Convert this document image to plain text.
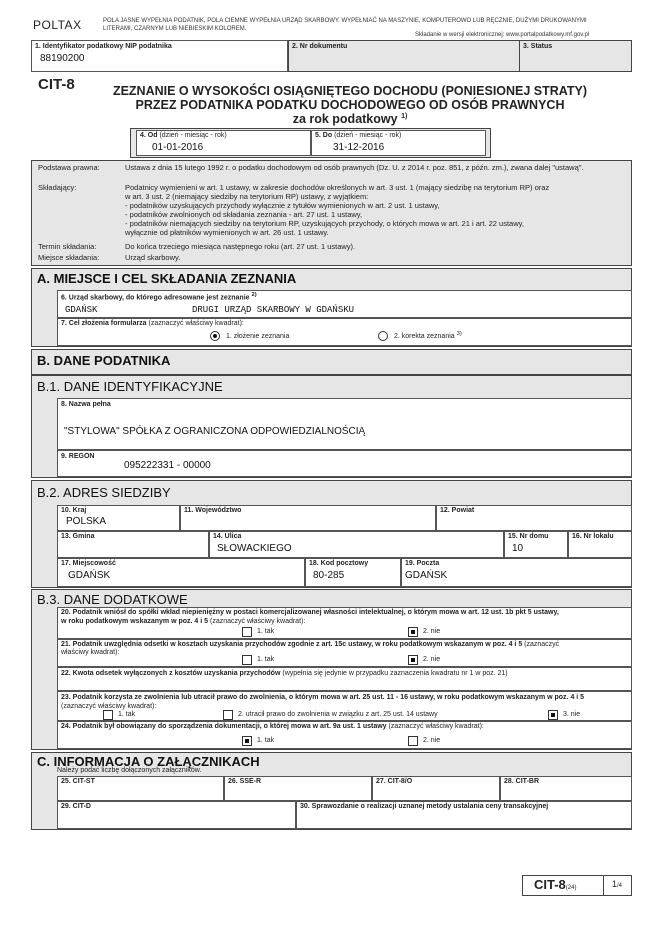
POLTAX	POLA JASNE WYPEŁNIA PODATNIK, POLA CIEMNE WYPEŁNIA URZĄD SKARBOWY. WYPEŁNIAĆ NA MASZYNIE, KOMPUTEROWO LUB RĘCZNIE, DUŻYMI DRUKOWANYMI LITERAMI, CZARNYM LUB NIEBIESKIM KOLOREM.
Składanie w wersji elektronicznej: www.portalpodatkowy.mf.gov.pl
1. Identyfikator podatkowy NIP podatnika
88190200
2. Nr dokumentu	3. Status
CIT-8	ZEZNANIE O WYSOKOŚCI OSIĄGNIĘTEGO DOCHODU (PONIESIONEJ STRATY)
PRZEZ PODATNIKA PODATKU DOCHODOWEGO OD OSÓB PRAWNYCH
za rok podatkowy $^{1)}$
4. Od (dzień - miesiąc - rok)
01-01-2016
5. Do (dzień - miesiąc - rok)
31-12-2016
Podstawa prawna:	Ustawa z dnia 15 lutego 1992 r. o podatku dochodowym od osób prawnych (Dz. U. z 2014 r. poz. 851, z późn. zm.), zwana dalej "ustawą".
Składający:	Podatnicy wymienieni w art. 1 ustawy, w zakresie dochodów określonych w art. 3 ust. 1 (mający siedzibę na terytorium RP) oraz
w art. 3 ust. 2 (niemający siedziby na terytorium RP) ustawy, z wyjątkiem:
- podatników uzyskujących przychody wyłącznie z tytułów wymienionych w art. 2 ust. 1 ustawy,
- podatników zwolnionych od składania zeznania - art. 27 ust. 1 ustawy,
- podatników niemających siedziby na terytorium RP, uzyskujących przychody, o których mowa w art. 21 i art. 22 ustawy,
wyłącznie od płatników wymienionych w art. 26 ust. 1 ustawy.
Termin składania:	Do końca trzeciego miesiąca następnego roku (art. 27 ust. 1 ustawy).
Miejsce składania:	Urząd skarbowy.
A. MIEJSCE I CEL SKŁADANIA ZEZNANIA
6. Urząd skarbowy, do którego adresowane jest zeznanie $^{2)}$
GDAŃSK	DRUGI URZĄD SKARBOWY W GDAŃSKU
7. Cel złożenia formularza (zaznaczyć właściwy kwadrat):
1. złożenie zeznania	2. korekta zeznania $^{3)}$
B. DANE PODATNIKA
B.1. DANE IDENTYFIKACYJNE
8. Nazwa pełna
"STYLOWA" SPÓŁKA Z OGRANICZONA ODPOWIEDZIALNOŚCIĄ
9. REGON
095222331 - 00000
B.2. ADRES SIEDZIBY
10. Kraj
POLSKA
11. Województwo	12. Powiat
13. Gmina	14. Ulica
SŁOWACKIEGO
15. Nr domu
10
16. Nr lokalu
17. Miejscowość
GDAŃSK
18. Kod pocztowy
80-285
19. Poczta
GDAŃSK
B.3. DANE DODATKOWE
20. Podatnik wniósł do spółki wkład niepieniężny w postaci komercjalizowanej własności intelektualnej, o którym mowa w art. 12 ust. 1b pkt 5 ustawy,
w roku podatkowym wskazanym w poz. 4 i 5 (zaznaczyć właściwy kwadrat):
1. tak	2. nie
21. Podatnik uwzględnia odsetki w kosztach uzyskania przychodów zgodnie z art. 15c ustawy, w roku podatkowym wskazanym w poz. 4 i 5 (zaznaczyć
właściwy kwadrat):
1. tak	2. nie
22. Kwota odsetek wyłączonych z kosztów uzyskania przychodów (wypełnia się jedynie w przypadku zaznaczenia kwadratu nr 1 w poz. 21)
23. Podatnik korzysta ze zwolnienia lub utracił prawo do zwolnienia, o którym mowa w art. 25 ust. 11 - 16 ustawy, w roku podatkowym wskazanym w poz. 4 i 5
(zaznaczyć właściwy kwadrat):
1. tak	2. utracił prawo do zwolnienia w związku z art. 25 ust. 14 ustawy	3. nie
24. Podatnik był obowiązany do sporządzenia dokumentacji, o której mowa w art. 9a ust. 1 ustawy (zaznaczyć właściwy kwadrat):
1. tak	2. nie
C. INFORMACJA O ZAŁĄCZNIKACH
Należy podać liczbę dołączonych załączników.
25. CIT-ST	26. SSE-R	27. CIT-8/O	28. CIT-BR
29. CIT-D	30. Sprawozdanie o realizacji uznanej metody ustalania ceny transakcyjnej
CIT-8(24)	1/4
